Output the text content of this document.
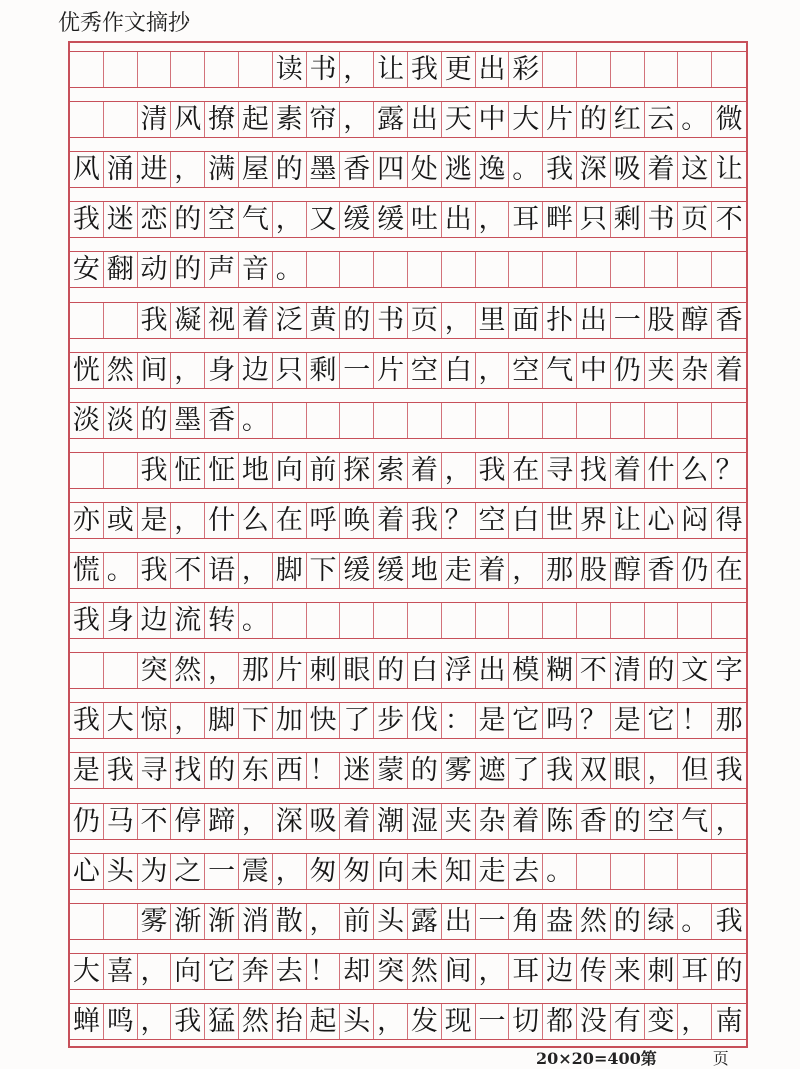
优秀作文摘抄
读 书 ， 让 我 更 出 彩
清 风 撩 起 素 帘 ， 露 出 天 中 大 片 的 红 云 。 微
风 涌 进 ， 满 屋 的 墨 香 四 处 逃 逸 。 我 深 吸 着 这 让
我 迷 恋 的 空 气 ， 又 缓 缓 吐 出 ， 耳 畔 只 剩 书 页 不
安 翻 动 的 声 音 。
我 凝 视 着 泛 黄 的 书 页 ， 里 面 扑 出 一 股 醇 香
恍 然 间 ， 身 边 只 剩 一 片 空 白 ， 空 气 中 仍 夹 杂 着
淡 淡 的 墨 香 。
我 怔 怔 地 向 前 探 索 着 ， 我 在 寻 找 着 什 么 ？
亦 或 是 ， 什 么 在 呼 唤 着 我 ？ 空 白 世 界 让 心 闷 得
慌 。 我 不 语 ， 脚 下 缓 缓 地 走 着 ， 那 股 醇 香 仍 在
我 身 边 流 转 。
突 然 ， 那 片 刺 眼 的 白 浮 出 模 糊 不 清 的 文 字
我 大 惊 ， 脚 下 加 快 了 步 伐 ： 是 它 吗 ？ 是 它 ！ 那
是 我 寻 找 的 东 西 ！ 迷 蒙 的 雾 遮 了 我 双 眼 ， 但 我
仍 马 不 停 蹄 ， 深 吸 着 潮 湿 夹 杂 着 陈 香 的 空 气 ，
心 头 为 之 一 震 ， 匆 匆 向 未 知 走 去 。
雾 渐 渐 消 散 ， 前 头 露 出 一 角 盎 然 的 绿 。 我
大 喜 ， 向 它 奔 去 ！ 却 突 然 间 ， 耳 边 传 来 刺 耳 的
蝉 鸣 ， 我 猛 然 抬 起 头 ， 发 现 一 切 都 没 有 变 ， 南
20×20=400第	页
